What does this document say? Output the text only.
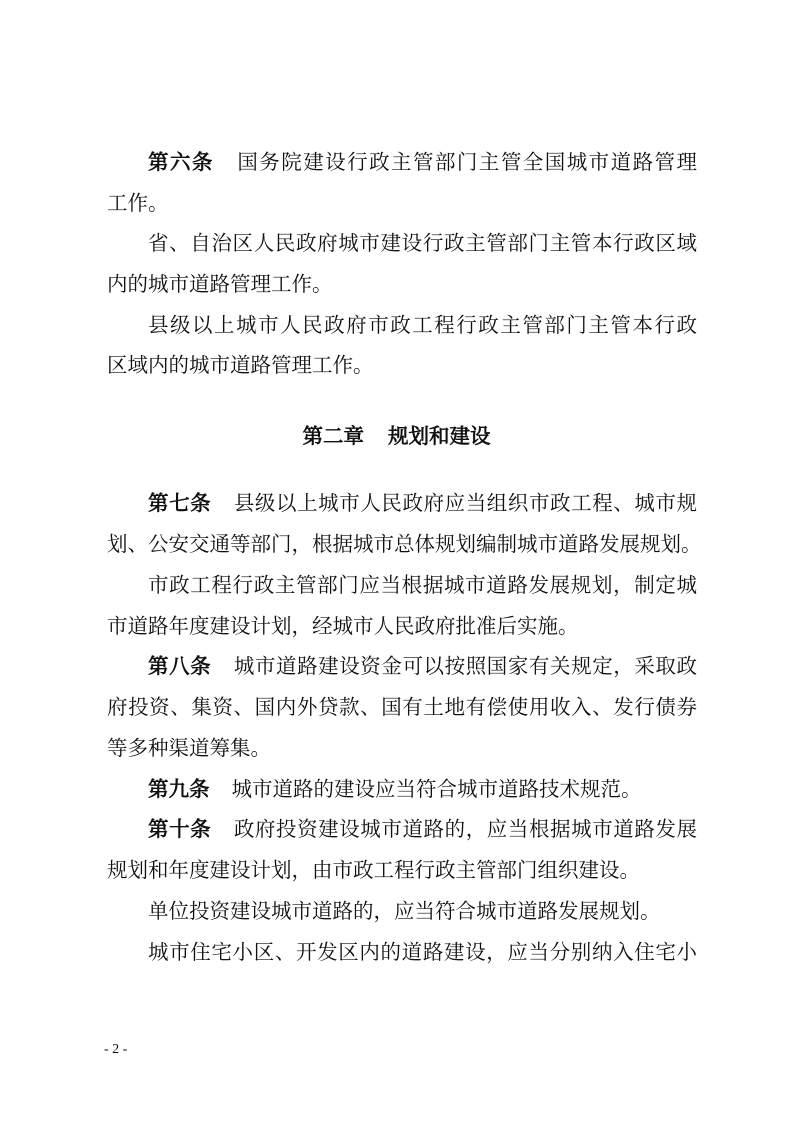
第六条 国务院建设行政主管部门主管全国城市道路管理
工作。
省、自治区人民政府城市建设行政主管部门主管本行政区域
内的城市道路管理工作。
县级以上城市人民政府市政工程行政主管部门主管本行政
区域内的城市道路管理工作。
第二章 规划和建设
第七条 县级以上城市人民政府应当组织市政工程、城市规
划、公安交通等部门，根据城市总体规划编制城市道路发展规划。
市政工程行政主管部门应当根据城市道路发展规划，制定城
市道路年度建设计划，经城市人民政府批准后实施。
第八条 城市道路建设资金可以按照国家有关规定，采取政
府投资、集资、国内外贷款、国有土地有偿使用收入、发行债券
等多种渠道筹集。
第九条 城市道路的建设应当符合城市道路技术规范。
第十条 政府投资建设城市道路的，应当根据城市道路发展
规划和年度建设计划，由市政工程行政主管部门组织建设。
单位投资建设城市道路的，应当符合城市道路发展规划。
城市住宅小区、开发区内的道路建设，应当分别纳入住宅小
- 2 -
